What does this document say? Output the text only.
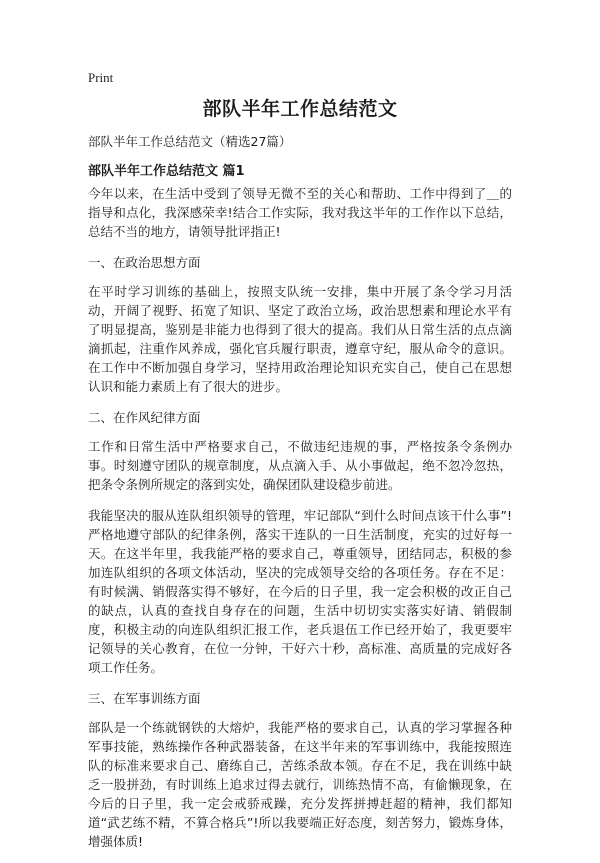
Print
部队半年工作总结范文
部队半年工作总结范文（精选27篇）
部队半年工作总结范文 篇1

今年以来，在生活中受到了领导无微不至的关心和帮助、工作中得到了＿的指导和点化，我深感荣幸!结合工作实际，我对我这半年的工作作以下总结，总结不当的地方，请领导批评指正!

一、在政治思想方面

在平时学习训练的基础上，按照支队统一安排，集中开展了条令学习月活动，开阔了视野、拓宽了知识、坚定了政治立场，政治思想素和理论水平有了明显提高，鉴别是非能力也得到了很大的提高。我们从日常生活的点点滴滴抓起，注重作风养成，强化官兵履行职责，遵章守纪，服从命令的意识。在工作中不断加强自身学习，坚持用政治理论知识充实自己，使自己在思想认识和能力素质上有了很大的进步。

二、在作风纪律方面

工作和日常生活中严格要求自己，不做违纪违规的事，严格按条令条例办事。时刻遵守团队的规章制度，从点滴入手、从小事做起，绝不忽冷忽热，把条令条例所规定的落到实处，确保团队建设稳步前进。

我能坚决的服从连队组织领导的管理，牢记部队“到什么时间点该干什么事”!严格地遵守部队的纪律条例，落实干连队的一日生活制度，充实的过好每一天。在这半年里，我我能严格的要求自己，尊重领导，团结同志，积极的参加连队组织的各项文体活动，坚决的完成领导交给的各项任务。存在不足：有时候满、销假落实得不够好，在今后的日子里，我一定会积极的改正自己的缺点，认真的查找自身存在的问题，生活中切切实实落实好请、销假制度，积极主动的向连队组织汇报工作，老兵退伍工作已经开始了，我更要牢记领导的关心教育，在位一分钟，干好六十秒，高标准、高质量的完成好各项工作任务。

三、在军事训练方面

部队是一个练就钢铁的大熔炉，我能严格的要求自己，认真的学习掌握各种军事技能，熟练操作各种武器装备，在这半年来的军事训练中，我能按照连队的标准来要求自己、磨练自己，苦练杀敌本领。存在不足，我在训练中缺乏一股拼劲，有时训练上追求过得去就行，训练热情不高，有偷懒现象，在今后的日子里，我一定会戒骄戒躁，充分发挥拼搏赶超的精神，我们都知道“武艺练不精，不算合格兵”!所以我要端正好态度，刻苦努力，锻炼身体，增强体质!
